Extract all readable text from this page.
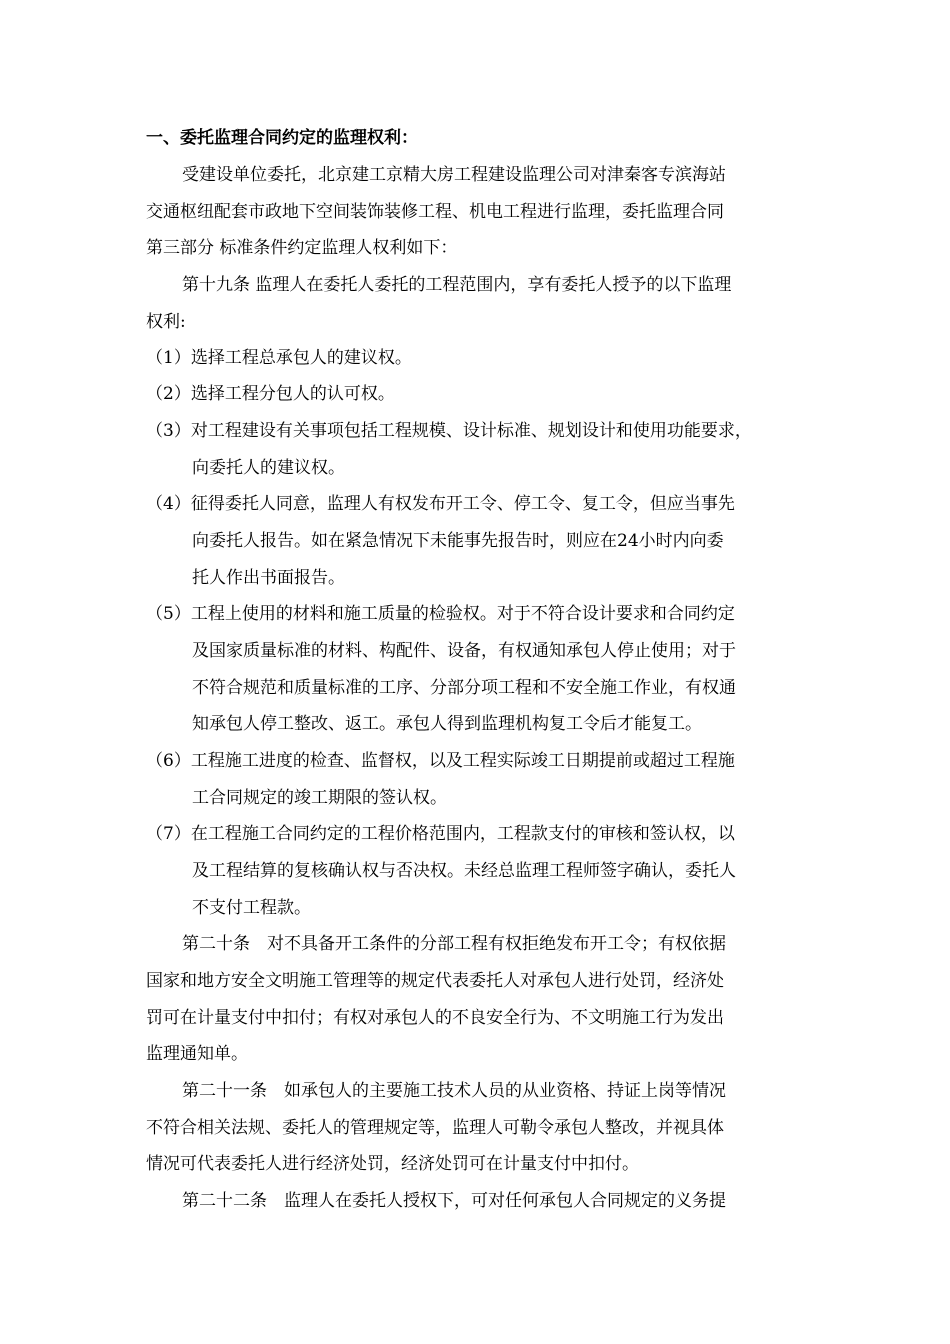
一、委托监理合同约定的监理权利：
受建设单位委托，北京建工京精大房工程建设监理公司对津秦客专滨海站
交通枢纽配套市政地下空间装饰装修工程、机电工程进行监理，委托监理合同
第三部分 标准条件约定监理人权利如下：
第十九条 监理人在委托人委托的工程范围内，享有委托人授予的以下监理
权利:
（1）选择工程总承包人的建议权。
（2）选择工程分包人的认可权。
（3）对工程建设有关事项包括工程规模、设计标准、规划设计和使用功能要求，
向委托人的建议权。
（4）征得委托人同意，监理人有权发布开工令、停工令、复工令，但应当事先
向委托人报告。如在紧急情况下未能事先报告时，则应在24小时内向委
托人作出书面报告。
（5）工程上使用的材料和施工质量的检验权。对于不符合设计要求和合同约定
及国家质量标准的材料、构配件、设备，有权通知承包人停止使用；对于
不符合规范和质量标准的工序、分部分项工程和不安全施工作业，有权通
知承包人停工整改、返工。承包人得到监理机构复工令后才能复工。
（6）工程施工进度的检查、监督权，以及工程实际竣工日期提前或超过工程施
工合同规定的竣工期限的签认权。
（7）在工程施工合同约定的工程价格范围内，工程款支付的审核和签认权，以
及工程结算的复核确认权与否决权。未经总监理工程师签字确认，委托人
不支付工程款。
第二十条　对不具备开工条件的分部工程有权拒绝发布开工令；有权依据
国家和地方安全文明施工管理等的规定代表委托人对承包人进行处罚，经济处
罚可在计量支付中扣付；有权对承包人的不良安全行为、不文明施工行为发出
监理通知单。
第二十一条　如承包人的主要施工技术人员的从业资格、持证上岗等情况
不符合相关法规、委托人的管理规定等，监理人可勒令承包人整改，并视具体
情况可代表委托人进行经济处罚，经济处罚可在计量支付中扣付。
第二十二条　监理人在委托人授权下，可对任何承包人合同规定的义务提
